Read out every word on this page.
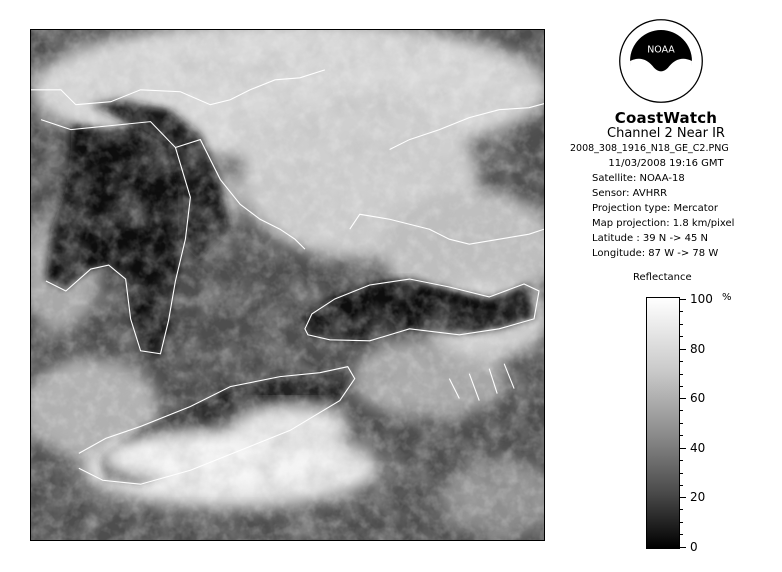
NOAA
CoastWatch
Channel 2 Near IR
2008_308_1916_N18_GE_C2.PNG
11/03/2008 19:16 GMT
Satellite: NOAA-18
Sensor: AVHRR
Projection type: Mercator
Map projection: 1.8 km/pixel
Latitude : 39 N -> 45 N
Longitude: 87 W -> 78 W
Reflectance
%
100
80
60
40
20
0
